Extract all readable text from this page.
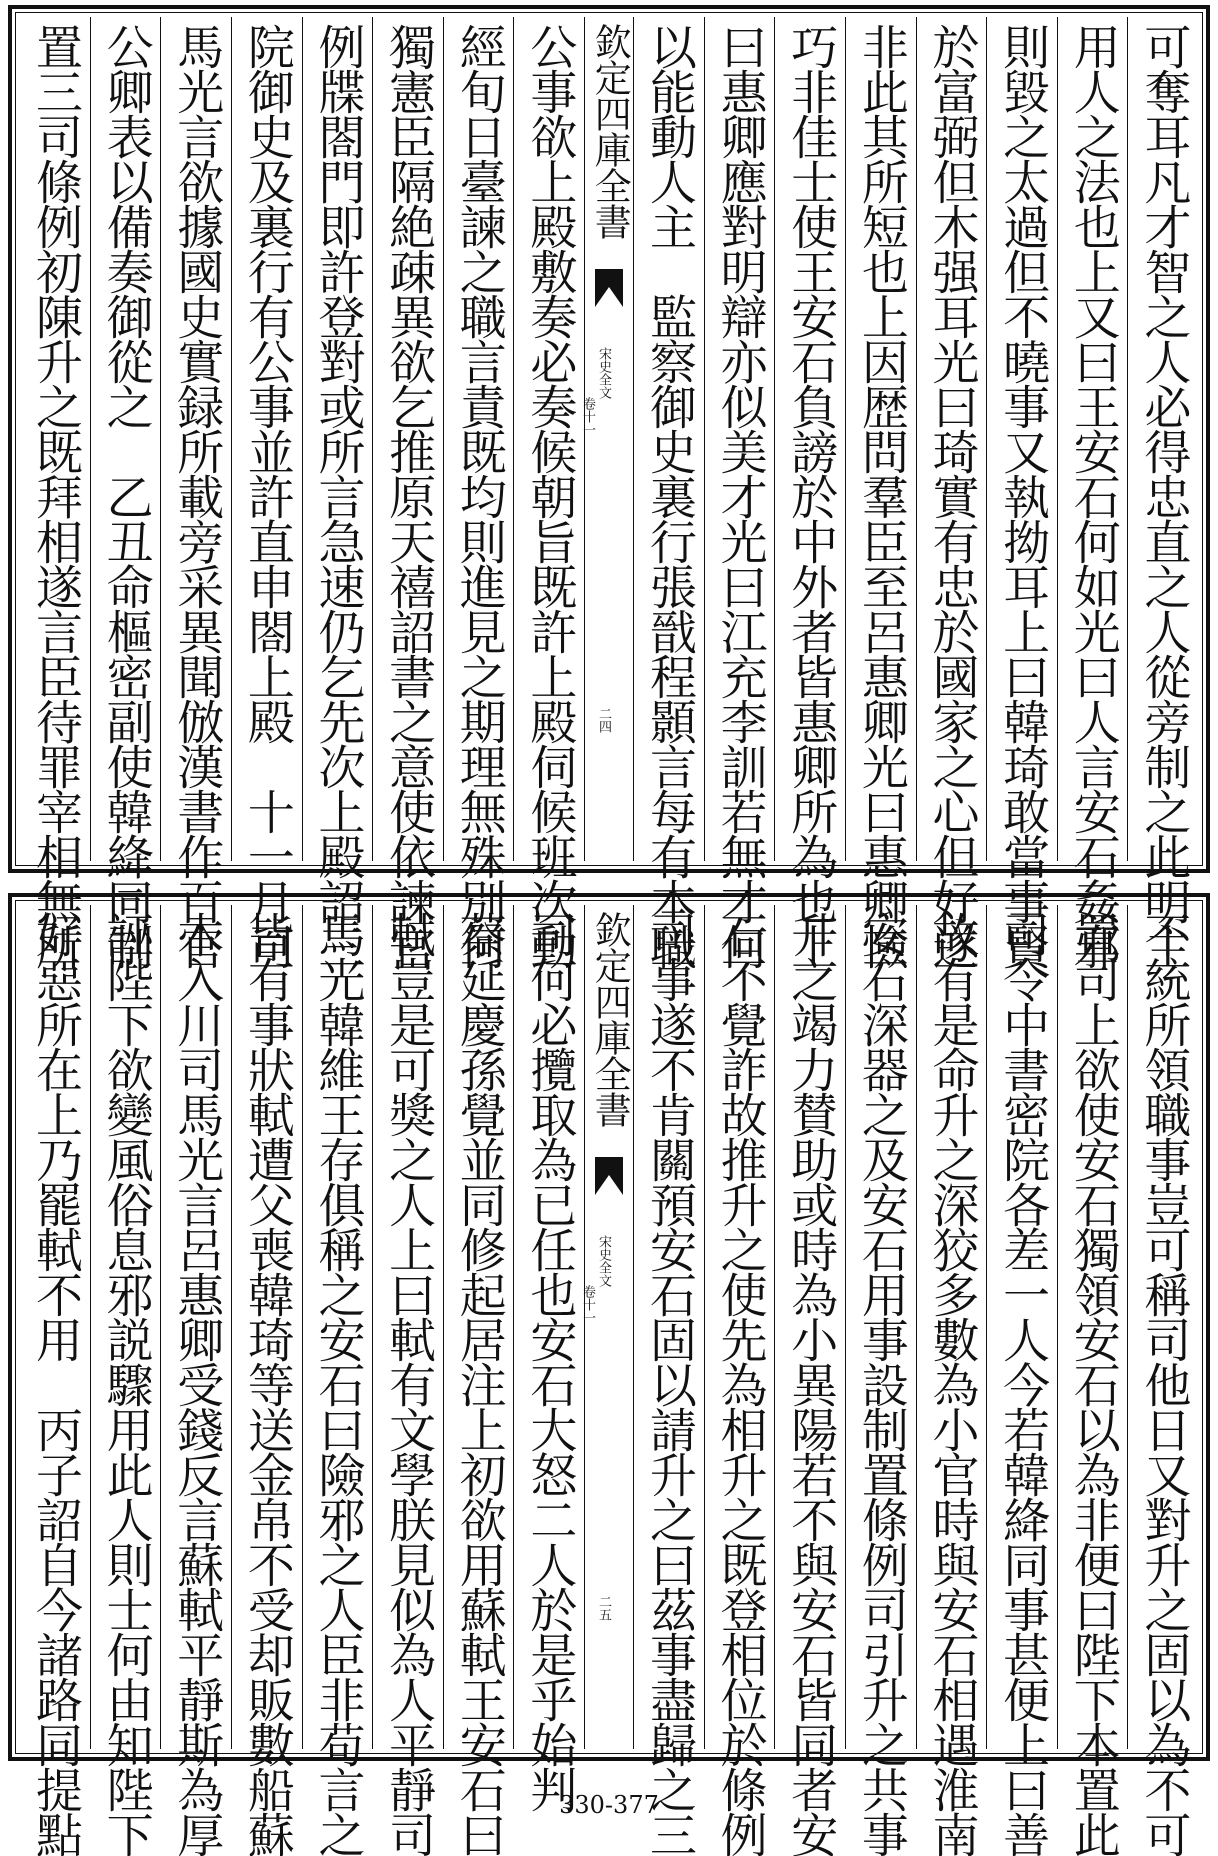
可奪耳凡才智之人必得忠直之人從旁制之此明主
用人之法也上又曰王安石何如光曰人言安石姦邪
則毀之太過但不曉事又執拗耳上曰韓琦敢當事賢
於富弼但木强耳光曰琦實有忠於國家之心但好遂
非此其所短也上因歴問羣臣至呂惠卿光曰惠卿憸
巧非佳士使王安石負謗於中外者皆惠卿所為也上
曰惠卿應對明辯亦似美才光曰江充李訓若無才何
以能動人主　監察御史裏行張戩程顥言每有本職
欽定四庫全書
宋史全文
卷十一
二四
公事欲上殿敷奏必奏候朝旨既許上殿伺候班次動
經旬日臺諫之職言責既均則進見之期理無殊別何
獨憲臣隔絶疎異欲乞推原天禧詔書之意使依諫官
例牒閤門即許登對或所言急速仍乞先次上殿詔三
院御史及裏行有公事並許直申閤上殿　十一月司
馬光言欲據國史實録所載旁采異聞倣漢書作百官
公卿表以備奏御從之　乙丑命樞密副使韓絳同制
置三司條例初陳升之既拜相遂言臣待罪宰相無所
不統所領職事豈可稱司他日又對升之固以為不可
置司上欲使安石獨領安石以為非便曰陛下本置此
司令中書密院各差一人今若韓絳同事甚便上曰善
故有是命升之深狡多數為小官時與安石相遇淮南
安石深器之及安石用事設制置條例司引升之共事
升之竭力賛助或時為小異陽若不與安石皆同者安
石不覺詐故推升之使先為相升之既登相位於條例
司事遂不肯關預安石固以請升之曰茲事盡歸之三
欽定四庫全書
宋史全文
卷十一
二五
司何必攬取為已任也安石大怒二人於是乎始判
蔡延慶孫覺並同修起居注上初欲用蘇軾王安石曰
軾豈是可獎之人上曰軾有文學朕見似為人平靜司
馬光韓維王存俱稱之安石曰險邪之人臣非苟言之
皆有事狀軾遭父喪韓琦等送金帛不受却販數船蘇
木入川司馬光言呂惠卿受錢反言蘇軾平靜斯為厚
誣陛下欲變風俗息邪説驟用此人則士何由知陛下
好惡所在上乃罷軾不用　丙子詔自今諸路同提點	330-377
